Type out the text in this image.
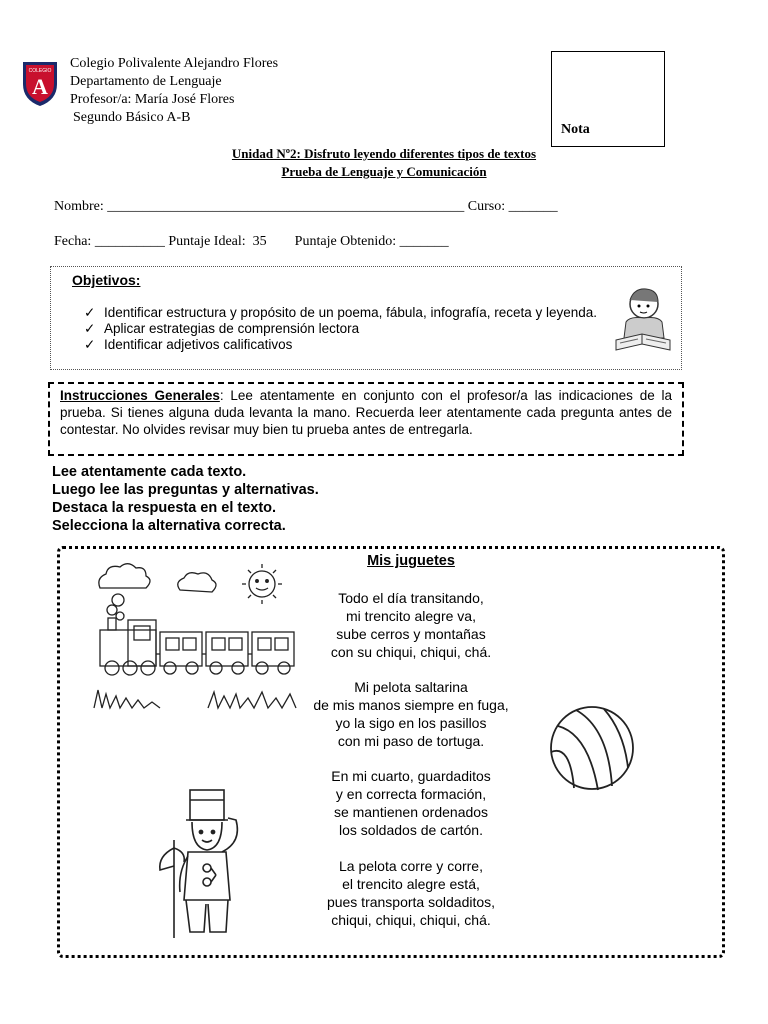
COLEGIO
A
Colegio Polivalente Alejandro Flores
Departamento de Lenguaje
Profesor/a: María José Flores
Segundo Básico A-B
Nota
Unidad Nº2: Disfruto leyendo diferentes tipos de textos
Prueba de Lenguaje y Comunicación
Nombre: ___________________________________________________ Curso: _______
Fecha: __________ Puntaje Ideal:  35        Puntaje Obtenido: _______
Objetivos:
✓ Identificar estructura y propósito de un poema, fábula, infografía, receta y leyenda.
✓ Aplicar estrategias de comprensión lectora
✓ Identificar adjetivos calificativos
Instrucciones Generales: Lee atentamente en conjunto con el profesor/a las indicaciones de la prueba. Si tienes alguna duda levanta la mano. Recuerda leer atentamente cada pregunta antes de contestar. No olvides revisar muy bien tu prueba antes de entregarla.
Lee atentamente cada texto.
Luego lee las preguntas y alternativas.
Destaca la respuesta en el texto.
Selecciona la alternativa correcta.
Mis juguetes
Todo el día transitando,
mi trencito alegre va,
sube cerros y montañas
con su chiqui, chiqui, chá.
Mi pelota saltarina
de mis manos siempre en fuga,
yo la sigo en los pasillos
con mi paso de tortuga.
En mi cuarto, guardaditos
y en correcta formación,
se mantienen ordenados
los soldados de cartón.
La pelota corre y corre,
el trencito alegre está,
pues transporta soldaditos,
chiqui, chiqui, chiqui, chá.
